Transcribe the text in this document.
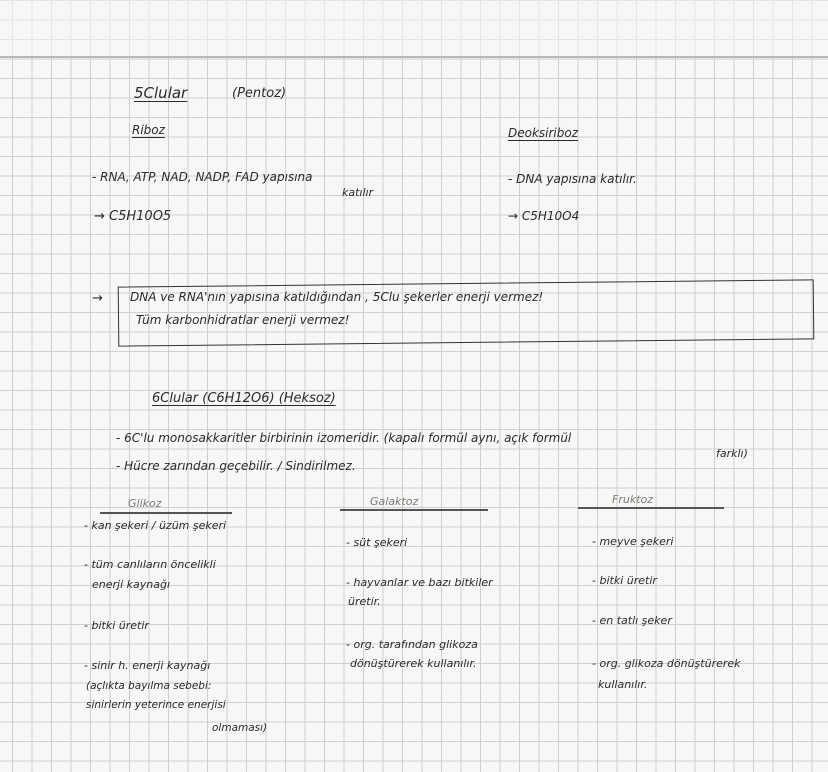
5Clular	(Pentoz)
Riboz
- RNA, ATP, NAD, NADP, FAD yapısına
katılır
→ C5H10O5
Deoksiriboz
- DNA yapısına katılır.
→ C5H10O4
→ DNA ve RNA'nın yapısına katıldığından , 5Clu şekerler enerji vermez!
Tüm karbonhidratlar enerji vermez!
6Clular (C6H12O6) (Heksoz)
- 6C'lu monosakkaritler birbirinin izomeridir. (kapalı formül aynı, açık formül
farklı)
- Hücre zarından geçebilir. / Sindirilmez.
Glikoz	Galaktoz	Fruktoz
- kan şekeri / üzüm şekeri
- tüm canlıların öncelikli
enerji kaynağı
- bitki üretir
- sinir h. enerji kaynağı
(açlıkta bayılma sebebi:
sinirlerin yeterince enerjisi
olmaması)
- süt şekeri
- hayvanlar ve bazı bitkiler
üretir.
- org. tarafından glikoza
dönüştürerek kullanılır.
- meyve şekeri
- bitki üretir
- en tatlı şeker
- org. glikoza dönüştürerek
kullanılır.
